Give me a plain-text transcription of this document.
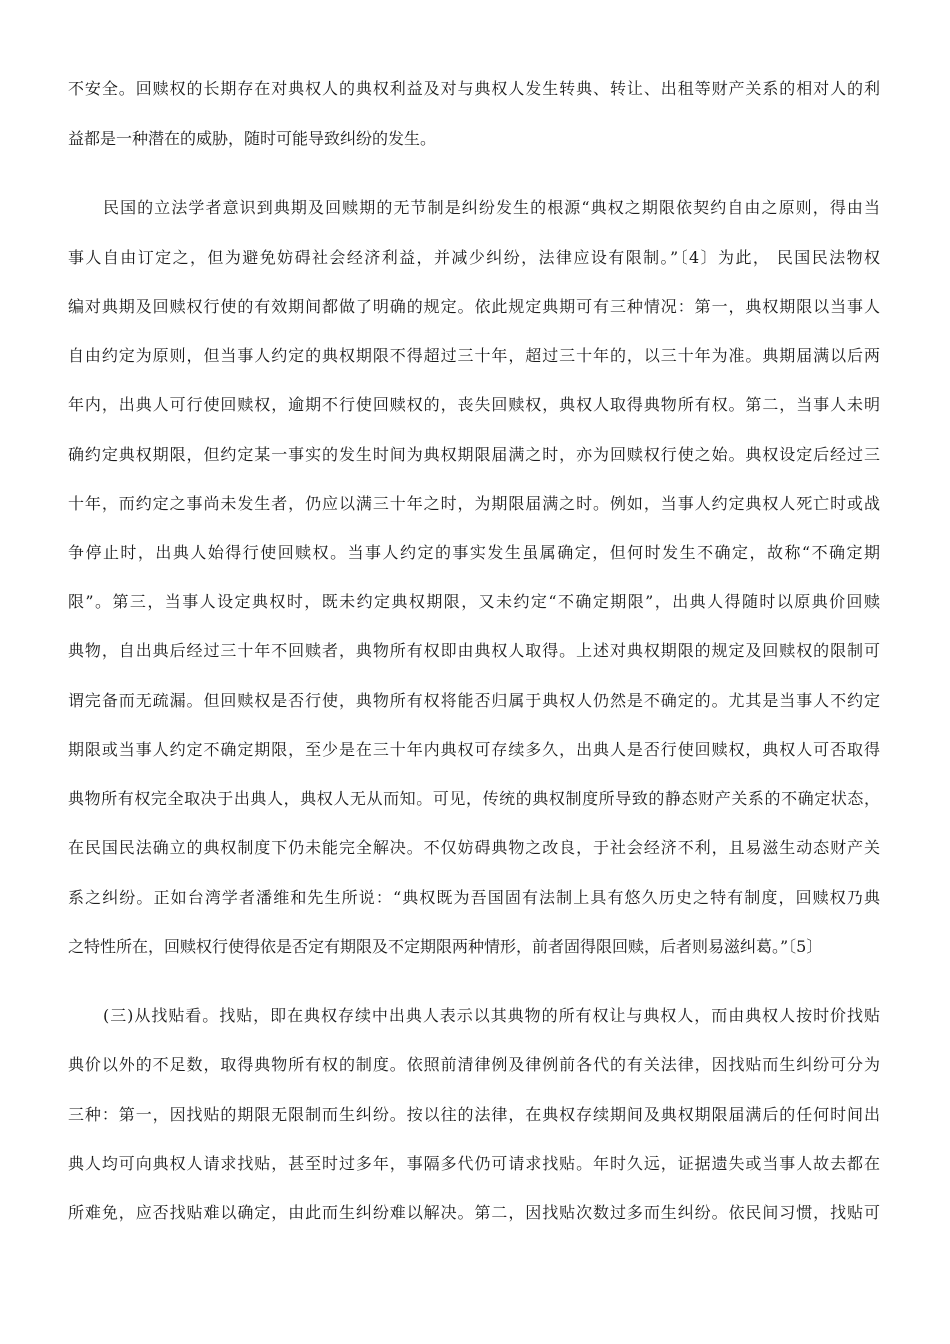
不安全。回赎权的长期存在对典权人的典权利益及对与典权人发生转典、转让、出租等财产关系的相对人的利
益都是一种潜在的威胁，随时可能导致纠纷的发生。
民国的立法学者意识到典期及回赎期的无节制是纠纷发生的根源“典权之期限依契约自由之原则，得由当
事人自由订定之，但为避免妨碍社会经济利益，并减少纠纷，法律应设有限制。”〔4〕为此， 民国民法物权
编对典期及回赎权行使的有效期间都做了明确的规定。依此规定典期可有三种情况：第一，典权期限以当事人
自由约定为原则，但当事人约定的典权期限不得超过三十年，超过三十年的，以三十年为准。典期届满以后两
年内，出典人可行使回赎权，逾期不行使回赎权的，丧失回赎权，典权人取得典物所有权。第二，当事人未明
确约定典权期限，但约定某一事实的发生时间为典权期限届满之时，亦为回赎权行使之始。典权设定后经过三
十年，而约定之事尚未发生者，仍应以满三十年之时，为期限届满之时。例如，当事人约定典权人死亡时或战
争停止时，出典人始得行使回赎权。当事人约定的事实发生虽属确定，但何时发生不确定，故称“不确定期
限”。第三，当事人设定典权时，既未约定典权期限，又未约定“不确定期限”，出典人得随时以原典价回赎
典物，自出典后经过三十年不回赎者，典物所有权即由典权人取得。上述对典权期限的规定及回赎权的限制可
谓完备而无疏漏。但回赎权是否行使，典物所有权将能否归属于典权人仍然是不确定的。尤其是当事人不约定
期限或当事人约定不确定期限，至少是在三十年内典权可存续多久，出典人是否行使回赎权，典权人可否取得
典物所有权完全取决于出典人，典权人无从而知。可见，传统的典权制度所导致的静态财产关系的不确定状态，
在民国民法确立的典权制度下仍未能完全解决。不仅妨碍典物之改良，于社会经济不利，且易滋生动态财产关
系之纠纷。正如台湾学者潘维和先生所说：“典权既为吾国固有法制上具有悠久历史之特有制度，回赎权乃典
之特性所在，回赎权行使得依是否定有期限及不定期限两种情形，前者固得限回赎，后者则易滋纠葛。”〔5〕
(三)从找贴看。找贴，即在典权存续中出典人表示以其典物的所有权让与典权人，而由典权人按时价找贴
典价以外的不足数，取得典物所有权的制度。依照前清律例及律例前各代的有关法律，因找贴而生纠纷可分为
三种：第一，因找贴的期限无限制而生纠纷。按以往的法律，在典权存续期间及典权期限届满后的任何时间出
典人均可向典权人请求找贴，甚至时过多年，事隔多代仍可请求找贴。年时久远，证据遗失或当事人故去都在
所难免，应否找贴难以确定，由此而生纠纷难以解决。第二，因找贴次数过多而生纠纷。依民间习惯，找贴可
